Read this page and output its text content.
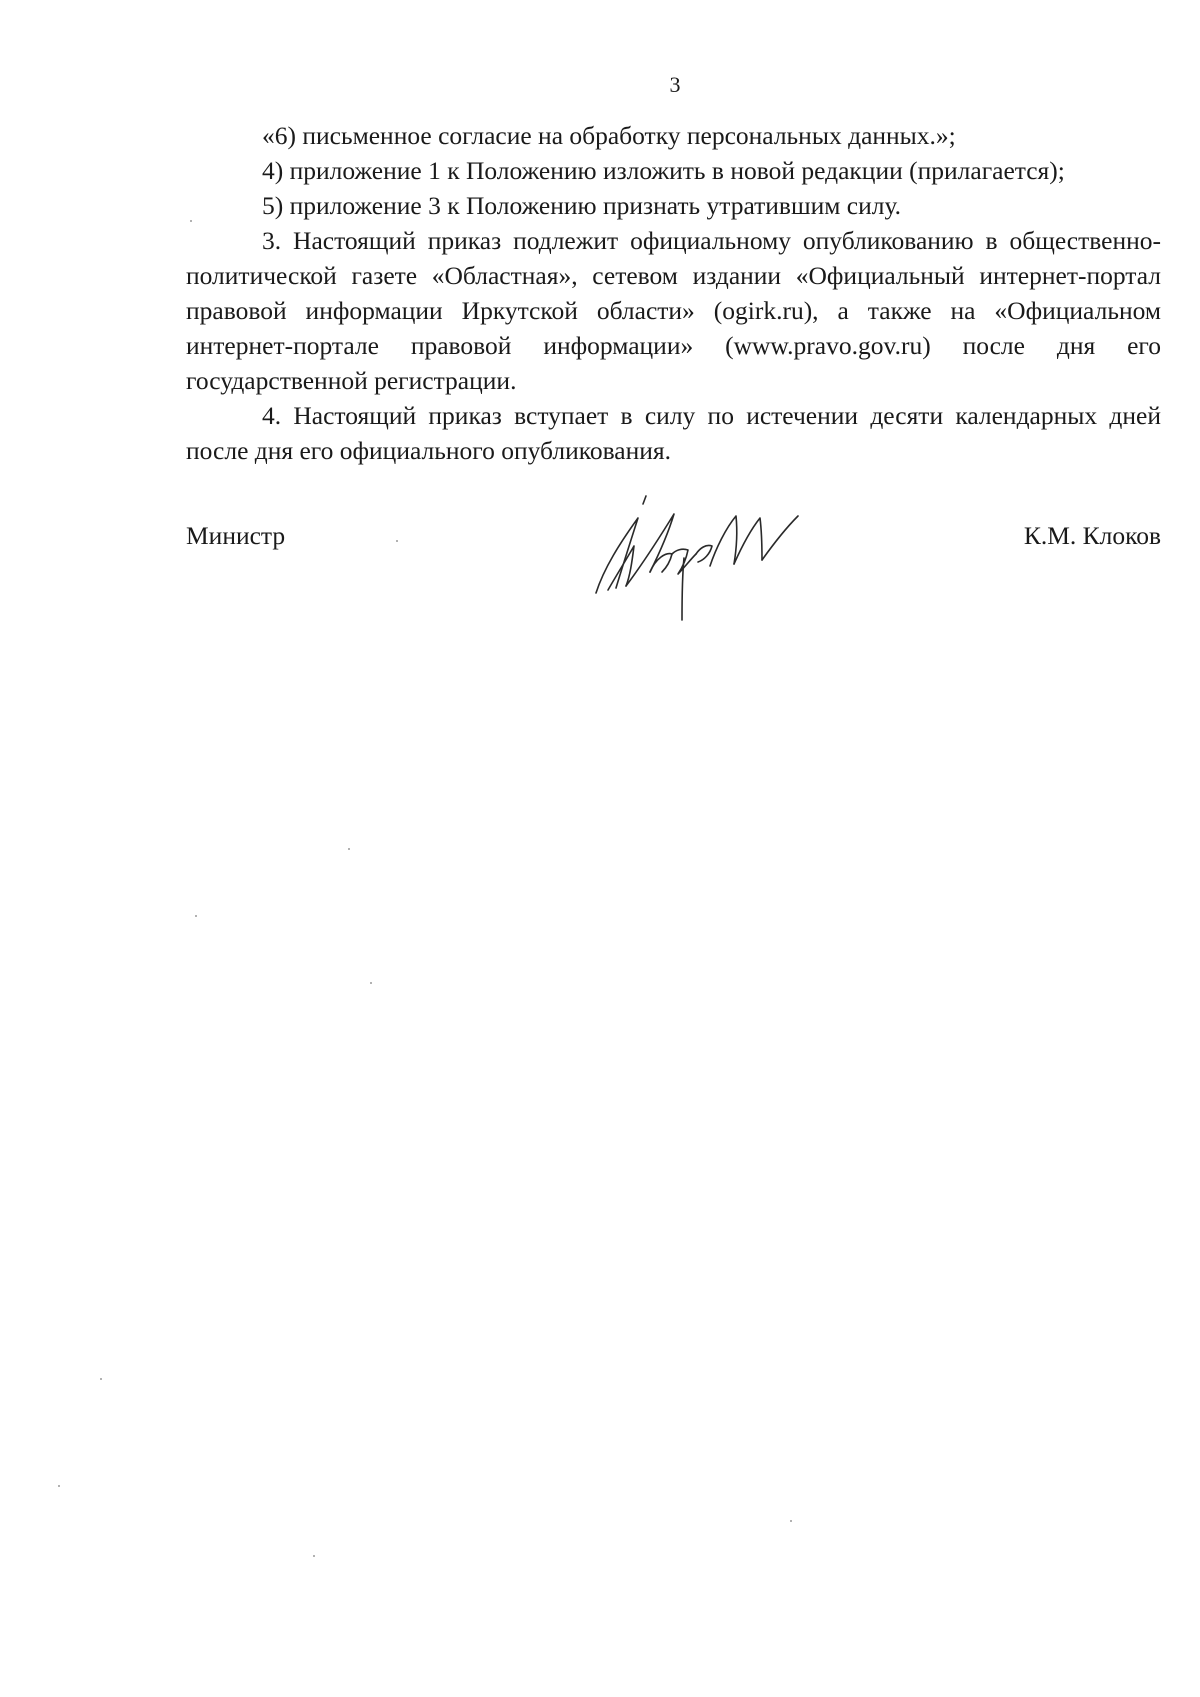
3

«6) письменное согласие на обработку персональных данных.»;

4) приложение 1 к Положению изложить в новой редакции (прилагается);

5) приложение 3 к Положению признать утратившим силу.

3. Настоящий приказ подлежит официальному опубликованию в общественно-политической газете «Областная», сетевом издании «Официальный интернет-портал правовой информации Иркутской области» (ogirk.ru), а также на «Официальном интернет-портале правовой информации» (www.pravo.gov.ru) после дня его государственной регистрации.

4. Настоящий приказ вступает в силу по истечении десяти календарных дней после дня его официального опубликования.

Министр	К.М. Клоков
